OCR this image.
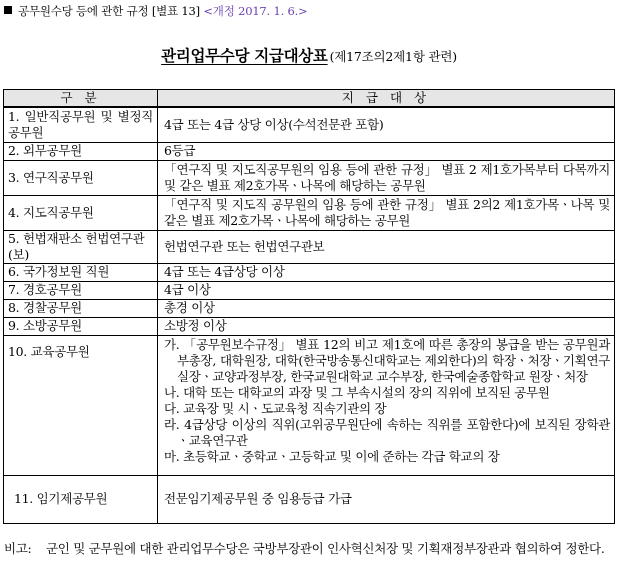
공무원수당 등에 관한 규정 [별표 13] <개정 2017. 1. 6.>
관리업무수당 지급대상표 (제17조의2제1항 관련)
구 분	지 급 대 상
1. 일반직공무원 및 별정직공무원	4급 또는 4급 상당 이상(수석전문관 포함)
2. 외무공무원	6등급
3. 연구직공무원	「연구직 및 지도직공무원의 임용 등에 관한 규정」 별표 2 제1호가목부터 다목까지 및 같은 별표 제2호가목ㆍ나목에 해당하는 공무원
4. 지도직공무원	「연구직 및 지도직 공무원의 임용 등에 관한 규정」 별표 2의2 제1호가목ㆍ나목 및 같은 별표 제2호가목ㆍ나목에 해당하는 공무원
5. 헌법재판소 헌법연구관(보)	헌법연구관 또는 헌법연구관보
6. 국가정보원 직원	4급 또는 4급상당 이상
7. 경호공무원	4급 이상
8. 경찰공무원	총경 이상
9. 소방공무원	소방정 이상
10. 교육공무원	가. 「공무원보수규정」 별표 12의 비고 제1호에 따른 총장의 봉급을 받는 공무원과 부총장, 대학원장, 대학(한국방송통신대학교는 제외한다)의 학장ㆍ처장ㆍ기획연구실장ㆍ교양과정부장, 한국교원대학교 교수부장, 한국예술종합학교 원장ㆍ처장
나. 대학 또는 대학교의 과장 및 그 부속시설의 장의 직위에 보직된 공무원
다. 교육장 및 시ㆍ도교육청 직속기관의 장
라. 4급상당 이상의 직위(고위공무원단에 속하는 직위를 포함한다)에 보직된 장학관ㆍ교육연구관
마. 초등학교ㆍ중학교ㆍ고등학교 및 이에 준하는 각급 학교의 장

11. 임기제공무원	전문임기제공무원 중 임용등급 가급
비고:	군인 및 군무원에 대한 관리업무수당은 국방부장관이 인사혁신처장 및 기획재정부장관과 협의하여 정한다.
